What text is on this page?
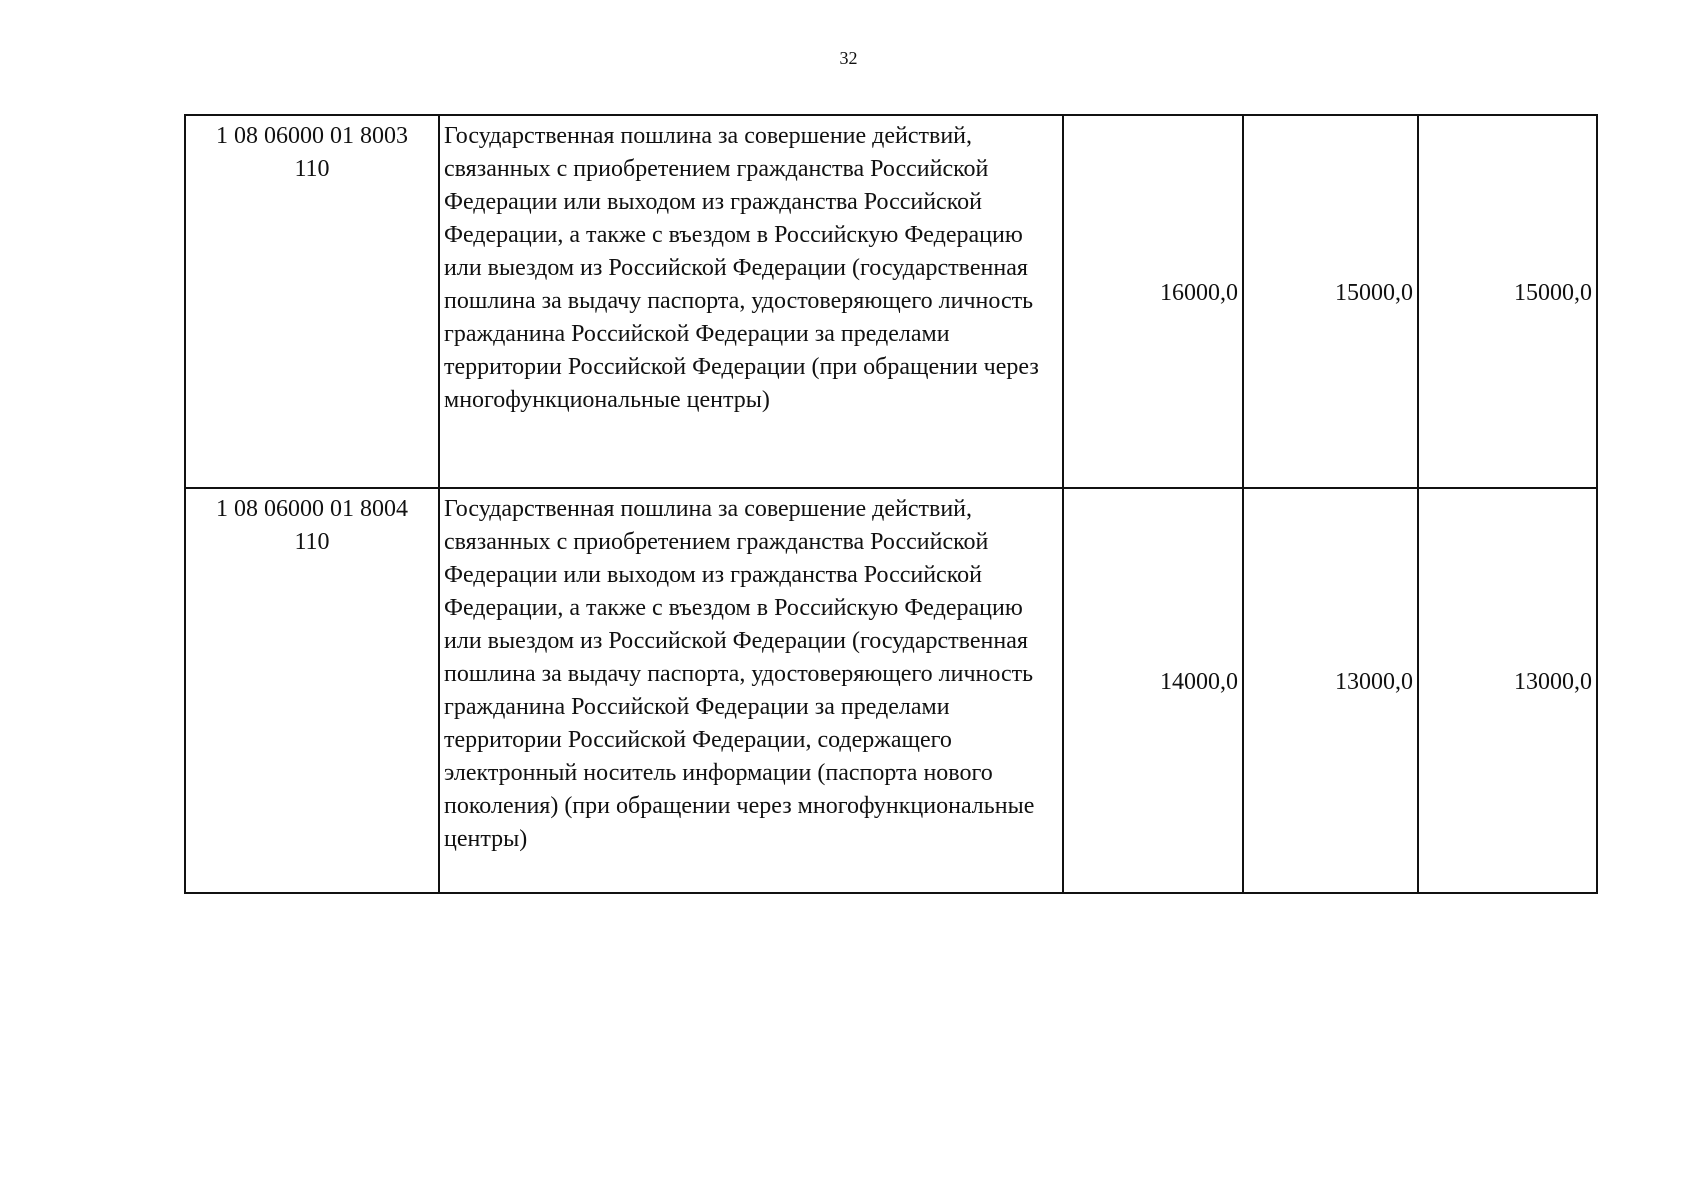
32
1 08 06000 01 8003
110	Государственная пошлина за совершение действий, связанных с приобретением гражданства Российской Федерации или выходом из гражданства Российской Федерации, а также с въездом в Российскую Федерацию или выездом из Российской Федерации (государственная пошлина за выдачу паспорта, удостоверяющего личность гражданина Российской Федерации за пределами территории Российской Федерации (при обращении через многофункциональные центры)	16000,0	15000,0	15000,0

1 08 06000 01 8004
110	Государственная пошлина за совершение действий, связанных с приобретением гражданства Российской Федерации или выходом из гражданства Российской Федерации, а также с въездом в Российскую Федерацию или выездом из Российской Федерации (государственная пошлина за выдачу паспорта, удостоверяющего личность гражданина Российской Федерации за пределами территории Российской Федерации, содержащего электронный носитель информации (паспорта нового поколения) (при обращении через многофункциональные центры)	14000,0	13000,0	13000,0
